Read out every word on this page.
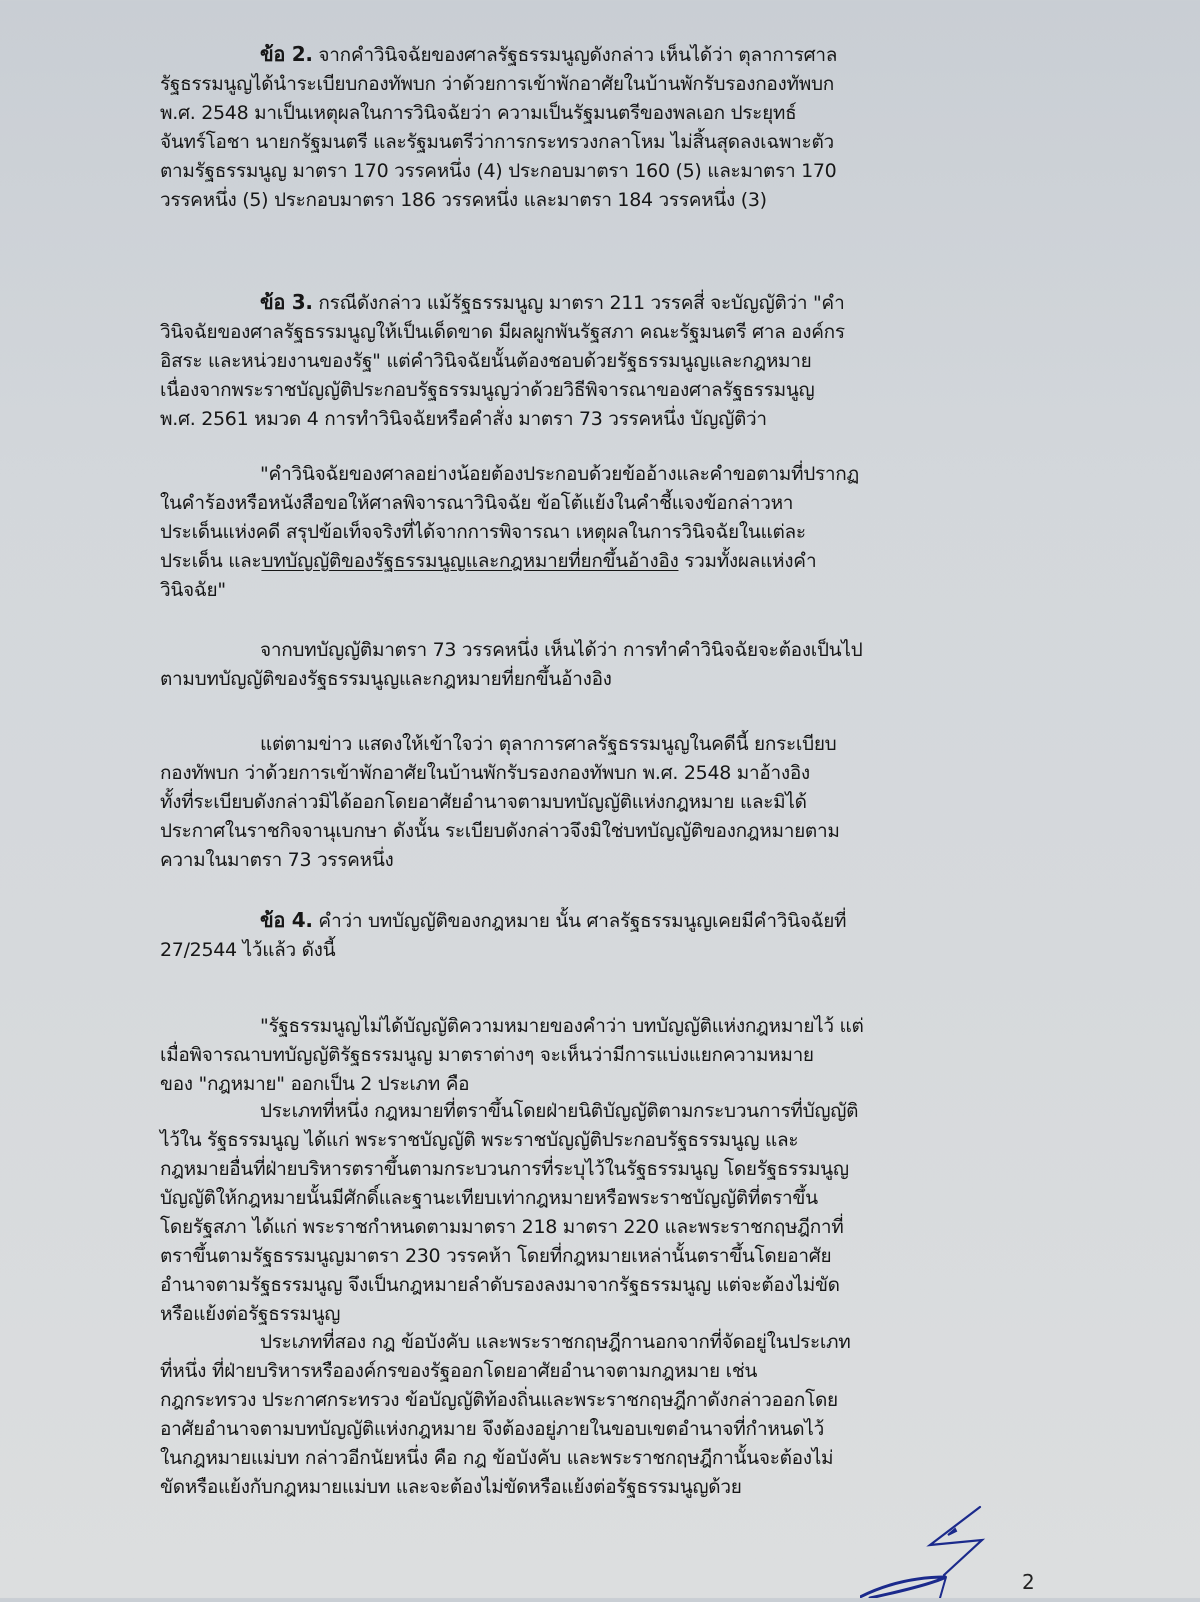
ข้อ 2. จากคำวินิจฉัยของศาลรัฐธรรมนูญดังกล่าว เห็นได้ว่า ตุลาการศาล
รัฐธรรมนูญได้นำระเบียบกองทัพบก ว่าด้วยการเข้าพักอาศัยในบ้านพักรับรองกองทัพบก
พ.ศ. 2548 มาเป็นเหตุผลในการวินิจฉัยว่า ความเป็นรัฐมนตรีของพลเอก ประยุทธ์
จันทร์โอชา นายกรัฐมนตรี และรัฐมนตรีว่าการกระทรวงกลาโหม ไม่สิ้นสุดลงเฉพาะตัว
ตามรัฐธรรมนูญ มาตรา 170 วรรคหนึ่ง (4) ประกอบมาตรา 160 (5) และมาตรา 170
วรรคหนึ่ง (5) ประกอบมาตรา 186 วรรคหนึ่ง และมาตรา 184 วรรคหนึ่ง (3)
ข้อ 3. กรณีดังกล่าว แม้รัฐธรรมนูญ มาตรา 211 วรรคสี่ จะบัญญัติว่า "คำ
วินิจฉัยของศาลรัฐธรรมนูญให้เป็นเด็ดขาด มีผลผูกพันรัฐสภา คณะรัฐมนตรี ศาล องค์กร
อิสระ และหน่วยงานของรัฐ" แต่คำวินิจฉัยนั้นต้องชอบด้วยรัฐธรรมนูญและกฎหมาย
เนื่องจากพระราชบัญญัติประกอบรัฐธรรมนูญว่าด้วยวิธีพิจารณาของศาลรัฐธรรมนูญ
พ.ศ. 2561 หมวด 4 การทำวินิจฉัยหรือคำสั่ง มาตรา 73 วรรคหนึ่ง บัญญัติว่า
"คำวินิจฉัยของศาลอย่างน้อยต้องประกอบด้วยข้ออ้างและคำขอตามที่ปรากฏ
ในคำร้องหรือหนังสือขอให้ศาลพิจารณาวินิจฉัย ข้อโต้แย้งในคำชี้แจงข้อกล่าวหา
ประเด็นแห่งคดี สรุปข้อเท็จจริงที่ได้จากการพิจารณา เหตุผลในการวินิจฉัยในแต่ละ
ประเด็น และบทบัญญัติของรัฐธรรมนูญและกฎหมายที่ยกขึ้นอ้างอิง รวมทั้งผลแห่งคำ
วินิจฉัย"
จากบทบัญญัติมาตรา 73 วรรคหนึ่ง เห็นได้ว่า การทำคำวินิจฉัยจะต้องเป็นไป
ตามบทบัญญัติของรัฐธรรมนูญและกฎหมายที่ยกขึ้นอ้างอิง
แต่ตามข่าว แสดงให้เข้าใจว่า ตุลาการศาลรัฐธรรมนูญในคดีนี้ ยกระเบียบ
กองทัพบก ว่าด้วยการเข้าพักอาศัยในบ้านพักรับรองกองทัพบก พ.ศ. 2548 มาอ้างอิง
ทั้งที่ระเบียบดังกล่าวมิได้ออกโดยอาศัยอำนาจตามบทบัญญัติแห่งกฎหมาย และมิได้
ประกาศในราชกิจจานุเบกษา ดังนั้น ระเบียบดังกล่าวจึงมิใช่บทบัญญัติของกฎหมายตาม
ความในมาตรา 73 วรรคหนึ่ง
ข้อ 4. คำว่า บทบัญญัติของกฎหมาย นั้น ศาลรัฐธรรมนูญเคยมีคำวินิจฉัยที่
27/2544 ไว้แล้ว ดังนี้
"รัฐธรรมนูญไม่ได้บัญญัติความหมายของคำว่า บทบัญญัติแห่งกฎหมายไว้ แต่
เมื่อพิจารณาบทบัญญัติรัฐธรรมนูญ มาตราต่างๆ จะเห็นว่ามีการแบ่งแยกความหมาย
ของ "กฎหมาย" ออกเป็น 2 ประเภท คือ
ประเภทที่หนึ่ง กฎหมายที่ตราขึ้นโดยฝ่ายนิติบัญญัติตามกระบวนการที่บัญญัติ
ไว้ใน รัฐธรรมนูญ ได้แก่ พระราชบัญญัติ พระราชบัญญัติประกอบรัฐธรรมนูญ และ
กฎหมายอื่นที่ฝ่ายบริหารตราขึ้นตามกระบวนการที่ระบุไว้ในรัฐธรรมนูญ โดยรัฐธรรมนูญ
บัญญัติให้กฎหมายนั้นมีศักดิ์และฐานะเทียบเท่ากฎหมายหรือพระราชบัญญัติที่ตราขึ้น
โดยรัฐสภา ได้แก่ พระราชกำหนดตามมาตรา 218 มาตรา 220 และพระราชกฤษฎีกาที่
ตราขึ้นตามรัฐธรรมนูญมาตรา 230 วรรคห้า โดยที่กฎหมายเหล่านั้นตราขึ้นโดยอาศัย
อำนาจตามรัฐธรรมนูญ จึงเป็นกฎหมายลำดับรองลงมาจากรัฐธรรมนูญ แต่จะต้องไม่ขัด
หรือแย้งต่อรัฐธรรมนูญ
ประเภทที่สอง กฎ ข้อบังคับ และพระราชกฤษฎีกานอกจากที่จัดอยู่ในประเภท
ที่หนึ่ง ที่ฝ่ายบริหารหรือองค์กรของรัฐออกโดยอาศัยอำนาจตามกฎหมาย เช่น
กฎกระทรวง ประกาศกระทรวง ข้อบัญญัติท้องถิ่นและพระราชกฤษฎีกาดังกล่าวออกโดย
อาศัยอำนาจตามบทบัญญัติแห่งกฎหมาย จึงต้องอยู่ภายในขอบเขตอำนาจที่กำหนดไว้
ในกฎหมายแม่บท กล่าวอีกนัยหนึ่ง คือ กฎ ข้อบังคับ และพระราชกฤษฎีกานั้นจะต้องไม่
ขัดหรือแย้งกับกฎหมายแม่บท และจะต้องไม่ขัดหรือแย้งต่อรัฐธรรมนูญด้วย
2
